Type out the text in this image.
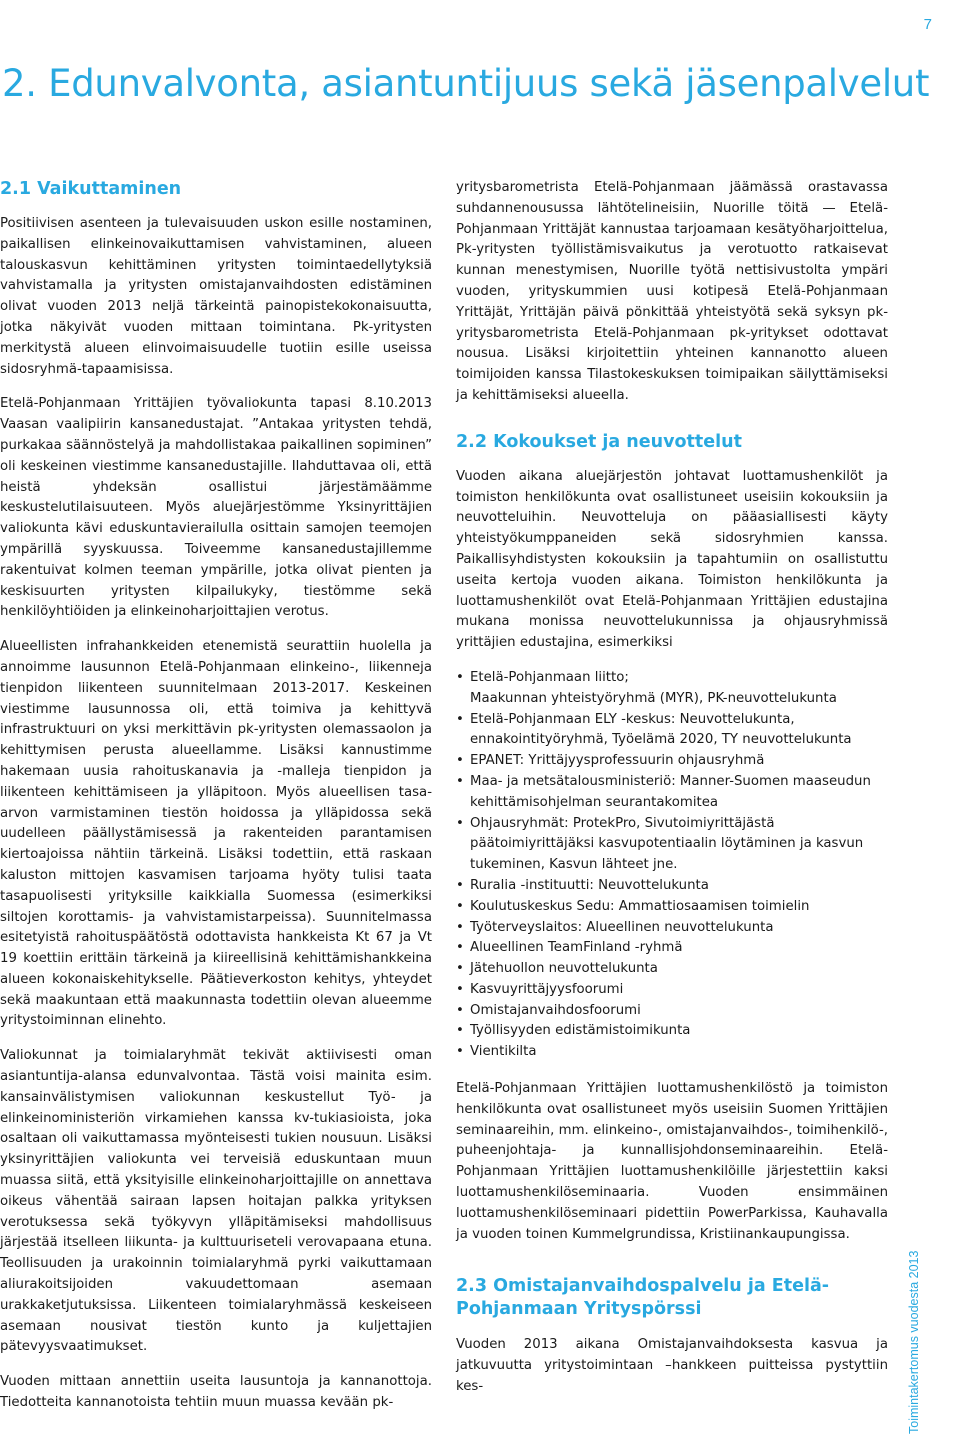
7
2. Edunvalvonta, asiantuntijuus sekä jäsenpalvelut
2.1 Vaikuttaminen

Positiivisen asenteen ja tulevaisuuden uskon esille nostaminen, paikallisen elinkeinovaikuttamisen vahvistaminen, alueen talouskasvun kehittäminen yritysten toimintaedellytyksiä vahvistamalla ja yritysten omistajanvaihdosten edistäminen olivat vuoden 2013 neljä tärkeintä painopistekokonaisuutta, jotka näkyivät vuoden mittaan toimintana. Pk-yritysten merkitystä alueen elinvoimaisuudelle tuotiin esille useissa sidosryhmä-tapaamisissa.

Etelä-Pohjanmaan Yrittäjien työvaliokunta tapasi 8.10.2013 Vaasan vaalipiirin kansanedustajat. ”Antakaa yritysten tehdä, purkakaa säännöstelyä ja mahdollistakaa paikallinen sopiminen” oli keskeinen viestimme kansanedustajille. Ilahduttavaa oli, että heistä yhdeksän osallistui järjestämäämme keskustelutilaisuuteen. Myös aluejärjestömme Yksinyrittäjien valiokunta kävi eduskuntavierailulla osittain samojen teemojen ympärillä syyskuussa. Toiveemme kansanedustajillemme rakentuivat kolmen teeman ympärille, jotka olivat pienten ja keskisuurten yritysten kilpailukyky, tiestömme sekä henkilöyhtiöiden ja elinkeinoharjoittajien verotus.

Alueellisten infrahankkeiden etenemistä seurattiin huolella ja annoimme lausunnon Etelä-Pohjanmaan elinkeino-, liikenneja tienpidon liikenteen suunnitelmaan 2013-2017. Keskeinen viestimme lausunnossa oli, että toimiva ja kehittyvä infrastruktuuri on yksi merkittävin pk-yritysten olemassaolon ja kehittymisen perusta alueellamme. Lisäksi kannustimme hakemaan uusia rahoituskanavia ja -malleja tienpidon ja liikenteen kehittämiseen ja ylläpitoon. Myös alueellisen tasa-arvon varmistaminen tiestön hoidossa ja ylläpidossa sekä uudelleen päällystämisessä ja rakenteiden parantamisen kiertoajoissa nähtiin tärkeinä. Lisäksi todettiin, että raskaan kaluston mittojen kasvamisen tarjoama hyöty tulisi taata tasapuolisesti yrityksille kaikkialla Suomessa (esimerkiksi siltojen korottamis- ja vahvistamistarpeissa). Suunnitelmassa esitetyistä rahoituspäätöstä odottavista hankkeista Kt 67 ja Vt 19 koettiin erittäin tärkeinä ja kiireellisinä kehittämishankkeina alueen kokonaiskehitykselle. Päätieverkoston kehitys, yhteydet sekä maakuntaan että maakunnasta todettiin olevan alueemme yritystoiminnan elinehto.

Valiokunnat ja toimialaryhmät tekivät aktiivisesti oman asiantuntija-alansa edunvalvontaa. Tästä voisi mainita esim. kansainvälistymisen valiokunnan keskustellut Työ- ja elinkeinoministeriön virkamiehen kanssa kv-tukiasioista, joka osaltaan oli vaikuttamassa myönteisesti tukien nousuun. Lisäksi yksinyrittäjien valiokunta vei terveisiä eduskuntaan muun muassa siitä, että yksityisille elinkeinoharjoittajille on annettava oikeus vähentää sairaan lapsen hoitajan palkka yrityksen verotuksessa sekä työkyvyn ylläpitämiseksi mahdollisuus järjestää itselleen liikunta- ja kulttuuriseteli verovapaana etuna. Teollisuuden ja urakoinnin toimialaryhmä pyrki vaikuttamaan aliurakoitsijoiden vakuudettomaan asemaan urakkaketjutuksissa. Liikenteen toimialaryhmässä keskeiseen asemaan nousivat tiestön kunto ja kuljettajien pätevyysvaatimukset.

Vuoden mittaan annettiin useita lausuntoja ja kannanottoja. Tiedotteita kannanotoista tehtiin muun muassa kevään pk-

yritysbarometrista Etelä-Pohjanmaan jäämässä orastavassa suhdannenousussa lähtötelineisiin, Nuorille töitä — Etelä-Pohjanmaan Yrittäjät kannustaa tarjoamaan kesätyöharjoittelua, Pk-yritysten työllistämisvaikutus ja verotuotto ratkaisevat kunnan menestymisen, Nuorille työtä nettisivustolta ympäri vuoden, yrityskummien uusi kotipesä Etelä-Pohjanmaan Yrittäjät, Yrittäjän päivä pönkittää yhteistyötä sekä syksyn pk-yritysbarometrista Etelä-Pohjanmaan pk-yritykset odottavat nousua. Lisäksi kirjoitettiin yhteinen kannanotto alueen toimijoiden kanssa Tilastokeskuksen toimipaikan säilyttämiseksi ja kehittämiseksi alueella.

2.2 Kokoukset ja neuvottelut

Vuoden aikana aluejärjestön johtavat luottamushenkilöt ja toimiston henkilökunta ovat osallistuneet useisiin kokouksiin ja neuvotteluihin. Neuvotteluja on pääasiallisesti käyty yhteistyökumppaneiden sekä sidosryhmien kanssa. Paikallisyhdistysten kokouksiin ja tapahtumiin on osallistuttu useita kertoja vuoden aikana. Toimiston henkilökunta ja luottamushenkilöt ovat Etelä-Pohjanmaan Yrittäjien edustajina mukana monissa neuvottelukunnissa ja ohjausryhmissä yrittäjien edustajina, esimerkiksi

• Etelä-Pohjanmaan liitto;
Maakunnan yhteistyöryhmä (MYR), PK-neuvottelukunta
• Etelä-Pohjanmaan ELY -keskus: Neuvottelukunta, ennakointityöryhmä, Työelämä 2020, TY neuvottelukunta
• EPANET: Yrittäjyysprofessuurin ohjausryhmä
• Maa- ja metsätalousministeriö: Manner-Suomen maaseudun kehittämisohjelman seurantakomitea
• Ohjausryhmät: ProtekPro, Sivutoimiyrittäjästä päätoimiyrittäjäksi kasvupotentiaalin löytäminen ja kasvun tukeminen, Kasvun lähteet jne.
• Ruralia -instituutti: Neuvottelukunta
• Koulutuskeskus Sedu: Ammattiosaamisen toimielin
• Työterveyslaitos: Alueellinen neuvottelukunta
• Alueellinen TeamFinland -ryhmä
• Jätehuollon neuvottelukunta
• Kasvuyrittäjyysfoorumi
• Omistajanvaihdosfoorumi
• Työllisyyden edistämistoimikunta
• Vientikilta

Etelä-Pohjanmaan Yrittäjien luottamushenkilöstö ja toimiston henkilökunta ovat osallistuneet myös useisiin Suomen Yrittäjien seminaareihin, mm. elinkeino-, omistajanvaihdos-, toimihenkilö-, puheenjohtaja- ja kunnallisjohdonseminaareihin. Etelä-Pohjanmaan Yrittäjien luottamushenkilöille järjestettiin kaksi luottamushenkilöseminaaria. Vuoden ensimmäinen luottamushenkilöseminaari pidettiin PowerParkissa, Kauhavalla ja vuoden toinen Kummelgrundissa, Kristiinankaupungissa.

2.3 Omistajanvaihdospalvelu ja Etelä-Pohjanmaan Yrityspörssi

Vuoden 2013 aikana Omistajanvaihdoksesta kasvua ja jatkuvuutta yritystoimintaan –hankkeen puitteissa pystyttiin kes-	Toimintakertomus vuodesta 2013
